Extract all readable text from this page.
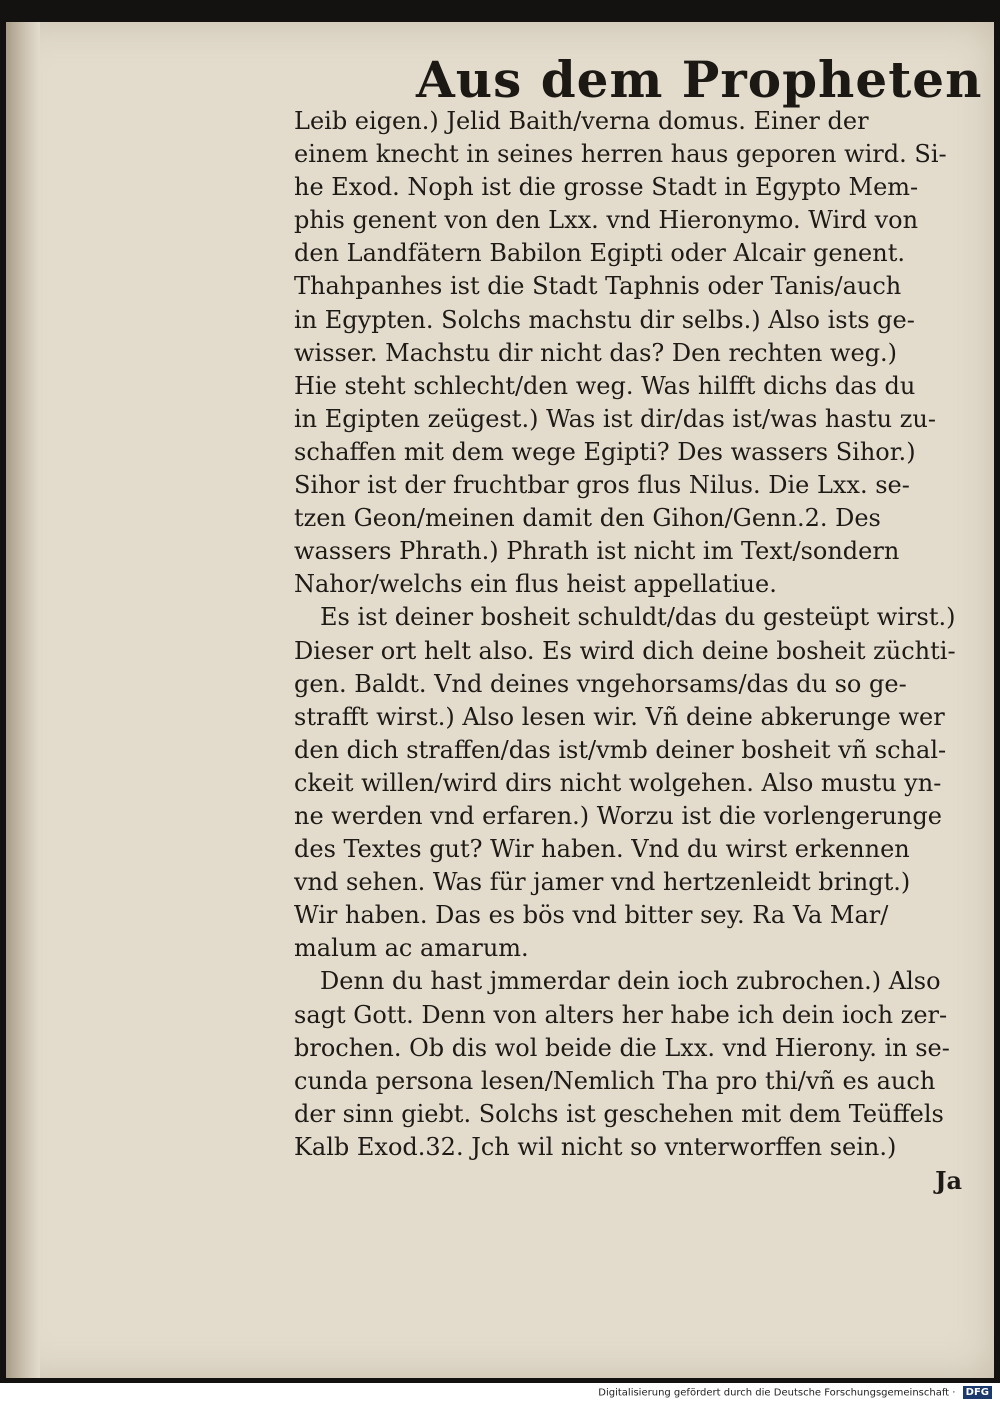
Aus dem Propheten
Leib eigen.) Jelid Baith/verna domus. Einer der
einem knecht in seines herren haus geporen wird. Si-
he Exod. Noph ist die grosse Stadt in Egypto Mem-
phis genent von den Lxx. vnd Hieronymo. Wird von
den Landfätern Babilon Egipti oder Alcair genent.
Thahpanhes ist die Stadt Taphnis oder Tanis/auch
in Egypten. Solchs machstu dir selbs.) Also ists ge-
wisser. Machstu dir nicht das? Den rechten weg.)
Hie steht schlecht/den weg. Was hilfft dichs das du
in Egipten zeügest.) Was ist dir/das ist/was hastu zu-
schaffen mit dem wege Egipti? Des wassers Sihor.)
Sihor ist der fruchtbar gros flus Nilus. Die Lxx. se-
tzen Geon/meinen damit den Gihon/Genn.2. Des
wassers Phrath.) Phrath ist nicht im Text/sondern
Nahor/welchs ein flus heist appellatiue.
Es ist deiner bosheit schuldt/das du gesteüpt wirst.)
Dieser ort helt also. Es wird dich deine bosheit züchti-
gen. Baldt. Vnd deines vngehorsams/das du so ge-
strafft wirst.) Also lesen wir. Vñ deine abkerunge wer
den dich straffen/das ist/vmb deiner bosheit vñ schal-
ckeit willen/wird dirs nicht wolgehen. Also mustu yn-
ne werden vnd erfaren.) Worzu ist die vorlengerunge
des Textes gut? Wir haben. Vnd du wirst erkennen
vnd sehen. Was für jamer vnd hertzenleidt bringt.)
Wir haben. Das es bös vnd bitter sey. Ra Va Mar/
malum ac amarum.
Denn du hast jmmerdar dein ioch zubrochen.) Also
sagt Gott. Denn von alters her habe ich dein ioch zer-
brochen. Ob dis wol beide die Lxx. vnd Hierony. in se-
cunda persona lesen/Nemlich Tha pro thi/vñ es auch
der sinn giebt. Solchs ist geschehen mit dem Teüffels
Kalb Exod.32. Jch wil nicht so vnterworffen sein.)
Ja
Digitalisierung gefördert durch die Deutsche Forschungsgemeinschaft · DFG
